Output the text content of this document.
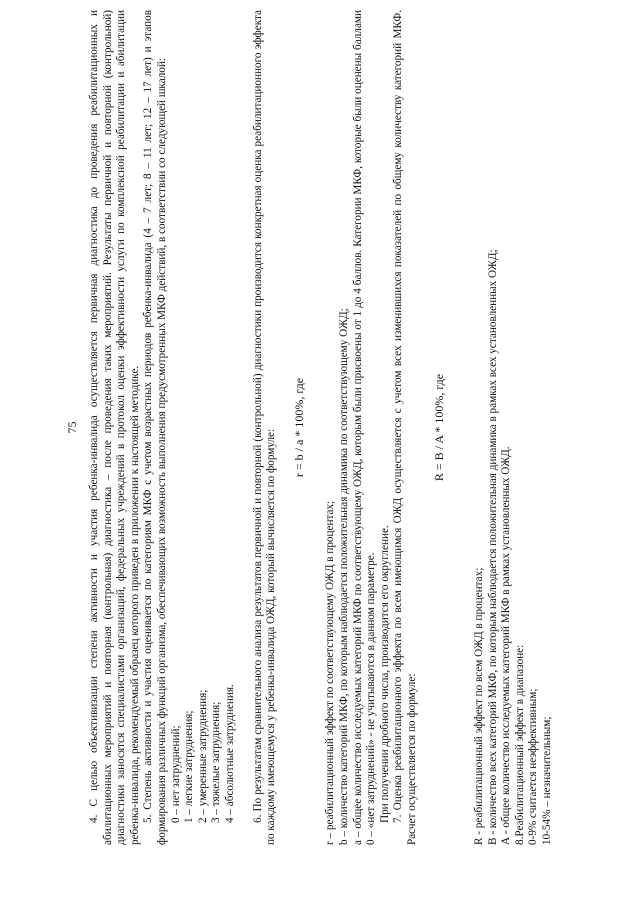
75 4. С целью объективизации степени активности и участия ребенка-инвалида осуществляется первичная диагностика до проведения реабилитационных и абилитационных мероприятий и повторная (контрольная) диагностика – после проведения таких мероприятий. Результаты первичной и повторной (контрольной) диагностики заносятся специалистами организаций, федеральных учреждений в протокол оценки эффективности услуги по комплексной реабилитации и абилитации ребенка-инвалида, рекомендуемый образец которого приведен в приложении к настоящей методике. 5. Степень активности и участия оценивается по категориям МКФ с учетом возрастных периодов ребенка-инвалида (4 – 7 лет; 8 – 11 лет; 12 – 17 лет) и этапов формирования различных функций организма, обеспечивающих возможность выполнения предусмотренных МКФ действий, в соответствии со следующей шкалой: 0 – нет затруднений; 1 – легкие затруднения; 2 – умеренные затруднения; 3 – тяжелые затруднения; 4 – абсолютные затруднения. 6. По результатам сравнительного анализа результатов первичной и повторной (контрольной) диагностики производится конкретная оценка реабилитационного эффекта по каждому имеющемуся у ребенка-инвалида ОЖД, который вычисляется по формуле:

r = b / a * 100%, где

r – реабилитационный эффект по соответствующему ОЖД в процентах; b – количество категорий МКФ, по которым наблюдается положительная динамика по соответствующему ОЖД; а – общее количество исследуемых категорий МКФ по соответствующему ОЖД, которым были присвоены от 1 до 4 баллов. Категории МКФ, которые были оценены баллами 0 – «нет затруднений» - не учитываются в данном параметре. При получении дробного числа, производится его округление. 7. Оценка реабилитационного эффекта по всем имеющимся ОЖД осуществляется с учетом всех изменившихся показателей по общему количеству категорий МКФ. Расчет осуществляется по формуле:

R = B / A * 100%, где

R - реабилитационный эффект по всем ОЖД в процентах; В - количество всех категорий МКФ, по которым наблюдается положительная динамика в рамках всех установленных ОЖД; А - общее количество исследуемых категорий МКФ в рамках установленных ОЖД. 8.Реабилитационный эффект в диапазоне: 0-9% считается неэффективным; 10-54% – незначительным;
